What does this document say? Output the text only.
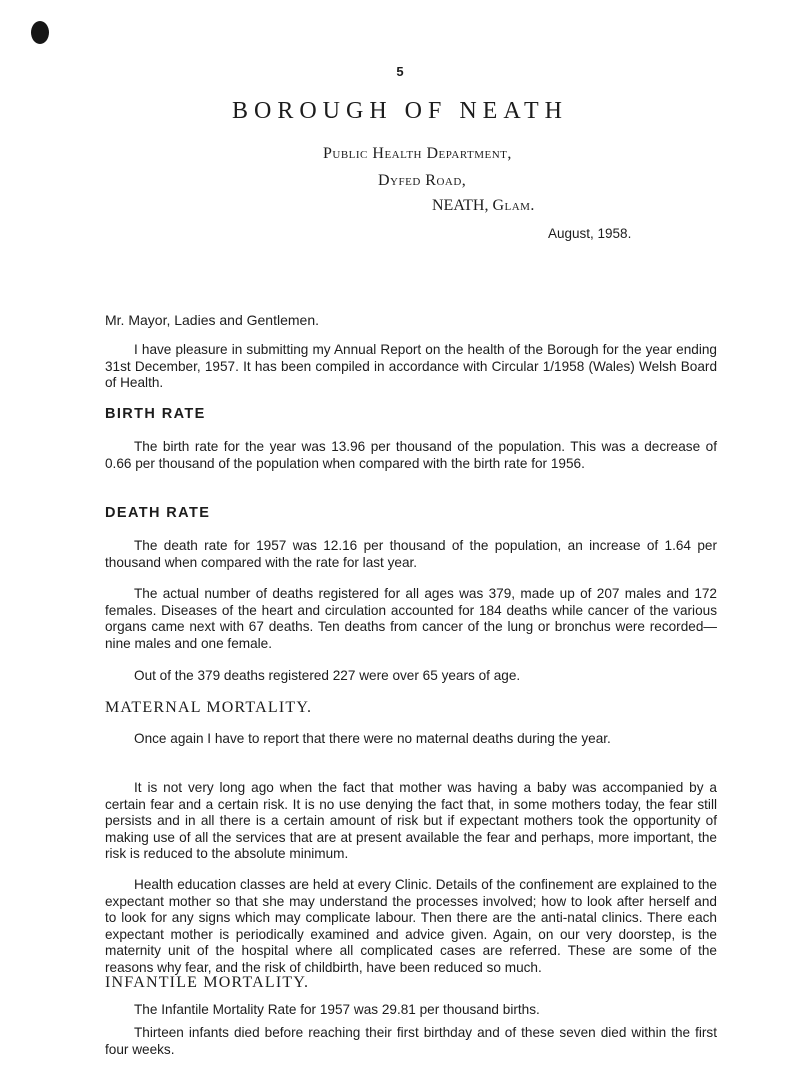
5
BOROUGH OF NEATH
Public Health Department,
Dyfed Road,
NEATH, Glam.
August, 1958.
Mr. Mayor, Ladies and Gentlemen.

I have pleasure in submitting my Annual Report on the health of the Borough for the year ending 31st December, 1957. It has been compiled in accordance with Circular 1/1958 (Wales) Welsh Board of Health.

BIRTH RATE

The birth rate for the year was 13.96 per thousand of the population. This was a decrease of 0.66 per thousand of the population when compared with the birth rate for 1956.

DEATH RATE

The death rate for 1957 was 12.16 per thousand of the population, an increase of 1.64 per thousand when compared with the rate for last year.

The actual number of deaths registered for all ages was 379, made up of 207 males and 172 females. Diseases of the heart and circulation accounted for 184 deaths while cancer of the various organs came next with 67 deaths. Ten deaths from cancer of the lung or bronchus were recorded—nine males and one female.

Out of the 379 deaths registered 227 were over 65 years of age.

MATERNAL MORTALITY.

Once again I have to report that there were no maternal deaths during the year.

It is not very long ago when the fact that mother was having a baby was accompanied by a certain fear and a certain risk. It is no use denying the fact that, in some mothers today, the fear still persists and in all there is a certain amount of risk but if expectant mothers took the opportunity of making use of all the services that are at present available the fear and perhaps, more important, the risk is reduced to the absolute minimum.

Health education classes are held at every Clinic. Details of the confinement are explained to the expectant mother so that she may understand the processes involved; how to look after herself and to look for any signs which may complicate labour. Then there are the anti-natal clinics. There each expectant mother is periodically examined and advice given. Again, on our very doorstep, is the maternity unit of the hospital where all complicated cases are referred. These are some of the reasons why fear, and the risk of childbirth, have been reduced so much.

INFANTILE MORTALITY.

The Infantile Mortality Rate for 1957 was 29.81 per thousand births.

Thirteen infants died before reaching their first birthday and of these seven died within the first four weeks.
